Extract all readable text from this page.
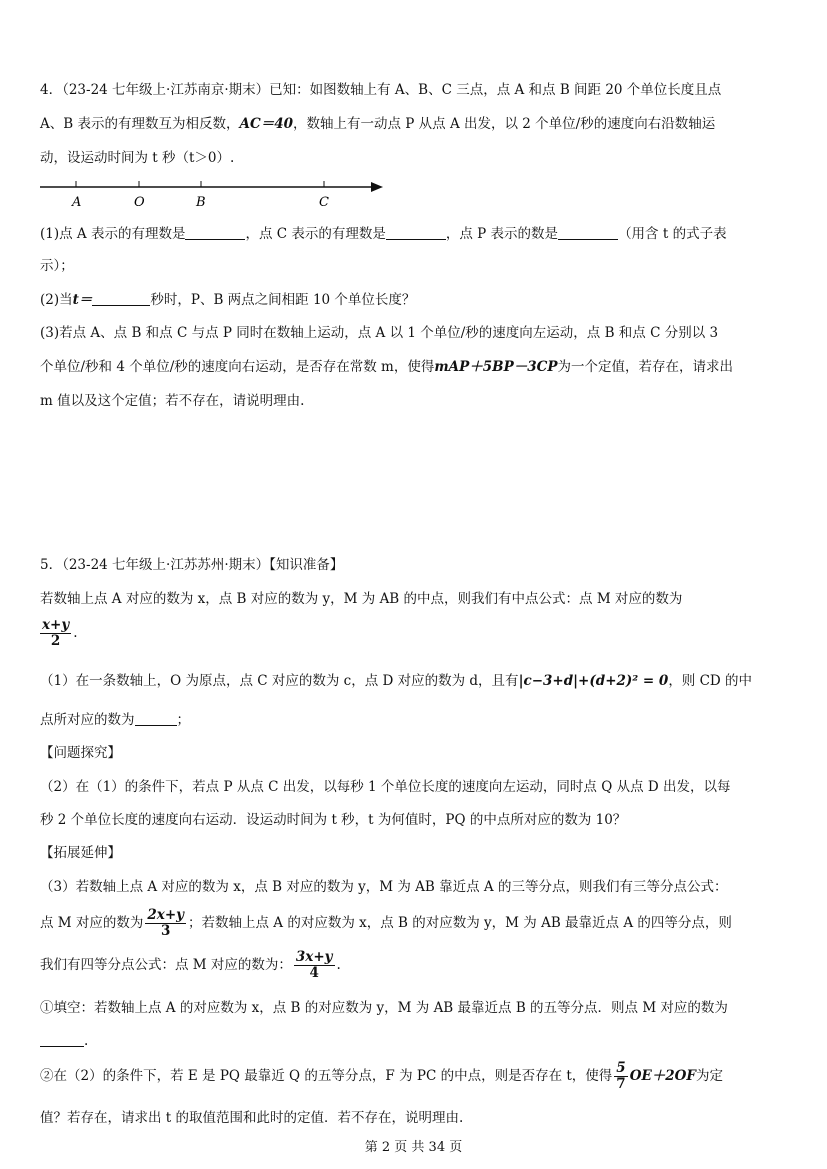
4．（23-24 七年级上·江苏南京·期末）已知：如图数轴上有 A、B、C 三点，点 A 和点 B 间距 20 个单位长度且点
A、B 表示的有理数互为相反数，AC＝40，数轴上有一动点 P 从点 A 出发，以 2 个单位/秒的速度向右沿数轴运
动，设运动时间为 t 秒（t＞0）.
A	O	B	C
(1)点 A 表示的有理数是	，点 C 表示的有理数是	，点 P 表示的数是	（用含 t 的式子表
示）；
(2)当t＝	秒时，P、B 两点之间相距 10 个单位长度？
(3)若点 A、点 B 和点 C 与点 P 同时在数轴上运动，点 A 以 1 个单位/秒的速度向左运动，点 B 和点 C 分别以 3
个单位/秒和 4 个单位/秒的速度向右运动，是否存在常数 m，使得mAP＋5BP－3CP为一个定值，若存在，请求出
m 值以及这个定值；若不存在，请说明理由.
5．（23-24 七年级上·江苏苏州·期末）【知识准备】
若数轴上点 A 对应的数为 x，点 B 对应的数为 y，M 为 AB 的中点，则我们有中点公式：点 M 对应的数为
$\frac{x+y}{2}$ .
（1）在一条数轴上，O 为原点，点 C 对应的数为 c，点 D 对应的数为 d，且有|c−3+d|+(d+2)² = 0，则 CD 的中
点所对应的数为	；
【问题探究】
（2）在（1）的条件下，若点 P 从点 C 出发，以每秒 1 个单位长度的速度向左运动，同时点 Q 从点 D 出发，以每
秒 2 个单位长度的速度向右运动．设运动时间为 t 秒，t 为何值时，PQ 的中点所对应的数为 10？
【拓展延伸】
（3）若数轴上点 A 对应的数为 x，点 B 对应的数为 y，M 为 AB 靠近点 A 的三等分点，则我们有三等分点公式：
点 M 对应的数为 $\frac{2x+y}{3}$ ；若数轴上点 A 的对应数为 x，点 B 的对应数为 y，M 为 AB 最靠近点 A 的四等分点，则
我们有四等分点公式：点 M 对应的数为： $\frac{3x+y}{4}$ .
①填空：若数轴上点 A 的对应数为 x，点 B 的对应数为 y，M 为 AB 最靠近点 B 的五等分点．则点 M 对应的数为
.
②在（2）的条件下，若 E 是 PQ 最靠近 Q 的五等分点，F 为 PC 的中点，则是否存在 t，使得 $\frac{5}{7} OE+2OF$为定
值？若存在，请求出 t 的取值范围和此时的定值．若不存在，说明理由.
第 2 页 共 34 页
